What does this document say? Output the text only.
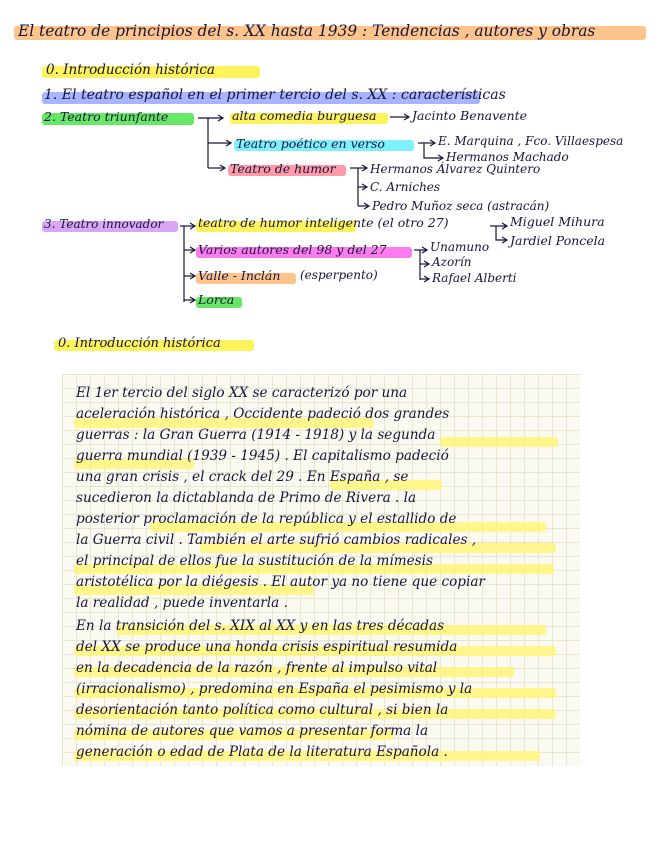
El teatro de principios del s. XX hasta 1939 : Tendencias , autores y obras
0. Introducción histórica
1. El teatro español en el primer tercio del s. XX : características
2. Teatro triunfante	alta comedia burguesa	Jacinto Benavente
Teatro poético en verso	E. Marquina , Fco. Villaespesa
Hermanos Machado
Teatro de humor	Hermanos Álvarez Quintero
C. Arniches
Pedro Muñoz seca (astracán)
3. Teatro innovador	teatro de humor inteligente (el otro 27)	Miguel Mihura
Jardiel Poncela
Varios autores del 98 y del 27	Unamuno
Azorín
Rafael Alberti
Valle - Inclán (esperpento)
Lorca
0. Introducción histórica
El 1er tercio del siglo XX se caracterizó por una
aceleración histórica , Occidente padeció dos grandes
guerras : la Gran Guerra (1914 - 1918) y la segunda
guerra mundial (1939 - 1945) . El capitalismo padeció
una gran crisis , el crack del 29 . En España , se
sucedieron la dictablanda de Primo de Rivera . la
posterior proclamación de la república y el estallido de
la Guerra civil . También el arte sufrió cambios radicales ,
el principal de ellos fue la sustitución de la mímesis
aristotélica por la diégesis . El autor ya no tiene que copiar
la realidad , puede inventarla .
En la transición del s. XIX al XX y en las tres décadas
del XX se produce una honda crisis espiritual resumida
en la decadencia de la razón , frente al impulso vital
(irracionalismo) , predomina en España el pesimismo y la
desorientación tanto política como cultural , si bien la
nómina de autores que vamos a presentar forma la
generación o edad de Plata de la literatura Española .
